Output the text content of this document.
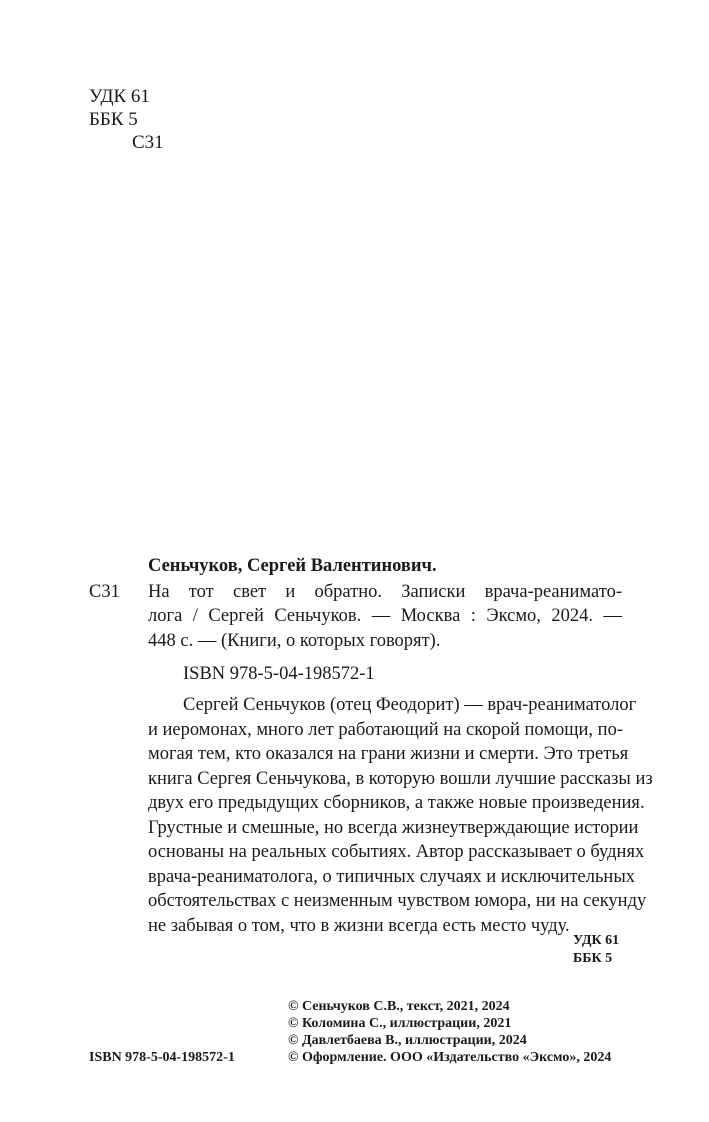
УДК 61
ББК 5
С31
Сеньчуков, Сергей Валентинович.
С31 На тот свет и обратно. Записки врача-реанимато-
лога / Сергей Сеньчуков. — Москва : Эксмо, 2024. —
448 с. — (Книги, о которых говорят).
ISBN 978-5-04-198572-1
Сергей Сеньчуков (отец Феодорит) — врач-реаниматолог
и иеромонах, много лет работающий на скорой помощи, по-
могая тем, кто оказался на грани жизни и смерти. Это третья
книга Сергея Сеньчукова, в которую вошли лучшие рассказы из
двух его предыдущих сборников, а также новые произведения.
Грустные и смешные, но всегда жизнеутверждающие истории
основаны на реальных событиях. Автор рассказывает о буднях
врача-реаниматолога, о типичных случаях и исключительных
обстоятельствах с неизменным чувством юмора, ни на секунду
не забывая о том, что в жизни всегда есть место чуду.
УДК 61
ББК 5
© Сеньчуков С.В., текст, 2021, 2024
© Коломина С., иллюстрации, 2021
© Давлетбаева В., иллюстрации, 2024
© Оформление. ООО «Издательство «Эксмо», 2024
ISBN 978-5-04-198572-1
